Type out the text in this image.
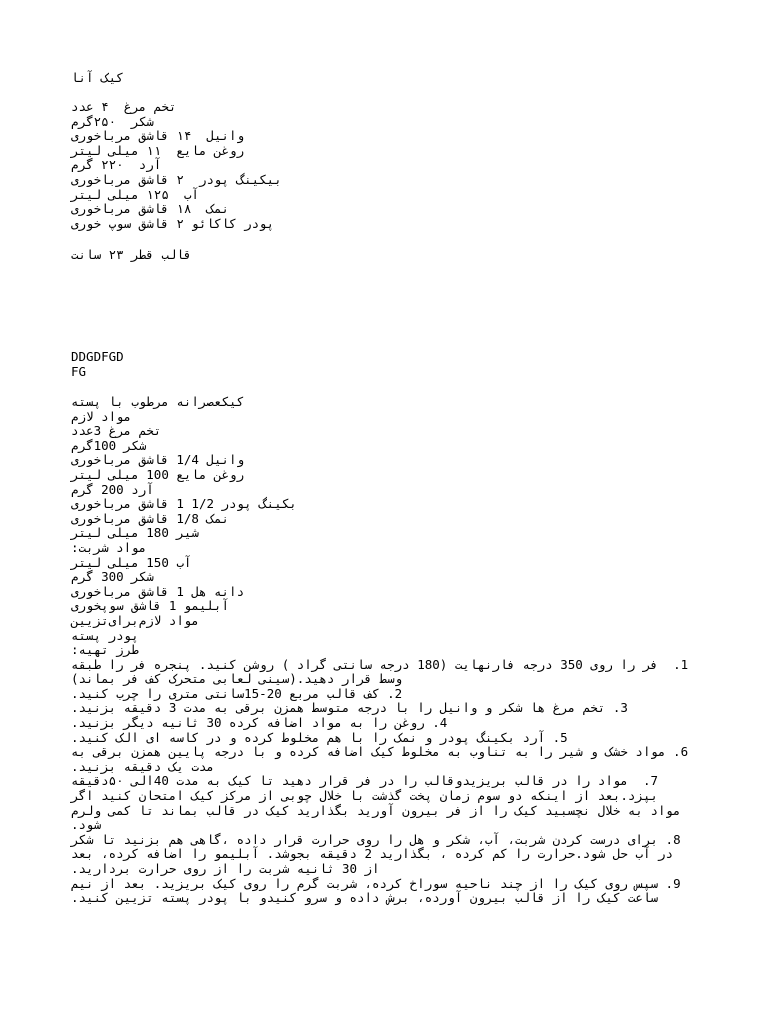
کیک آنا
تخم مرغ  ۴ عدد
شکر  ۲۵۰گرم
وانیل  ۱۴ قاشق مرباخوری
روغن مایع  ۱۱ میلی لیتر
آرد  ۲۲۰ گرم
بیکینگ پودر  ۲ قاشق مرباخوری
آب  ۱۲۵ میلی لیتر
نمک  ۱۸ قاشق مرباخوری
پودر کاکائو ۲ قاشق سوپ خوری
قالب قطر ۲۳ سانت
DDGDFGD
FG
کیکعصرانه مرطوب با پسته
مواد لازم
تخم مرغ 3عدد
شکر 100گرم
وانیل 1/4 قاشق مرباخوری
روغن مایع 100 میلی لیتر
آرد 200 گرم
بکینگ پودر 1/2 1 قاشق مرباخوری
نمک 1/8 قاشق مرباخوری
شیر 180 میلی لیتر
مواد شربت:
آب 150 میلی لیتر
شکر 300 گرم
دانه هل 1 قاشق مرباخوری
آبلیمو 1 قاشق سوپخوری
مواد لازم‌برای‌تزیین
پودر پسته
طرز تهیه:
1.  فر را روی 350 درجه فارنهایت (180 درجه سانتی گراد ) روشن کنید. پنجره فر را طبقه
وسط قرار دهید.(سینی لعابی متحرک کف فر بماند)
2. کف قالب مربع 20-15سانتی متری را چرب کنید.
3. تخم مرغ ها شکر و وانیل را با درجه متوسط همزن برقی به مدت 3 دقیقه بزنید.
4. روغن را به مواد اضافه کرده 30 ثانیه دیگر بزنید.
5. آرد بکینگ پودر و نمک را با هم مخلوط کرده و در کاسه ای الک کنید.
6. مواد خشک و شیر را به تناوب به مخلوط کیک اضافه کرده و با درجه پایین همزن برقی به
مدت یک دقیقه بزنید.
7.  مواد را در قالب بریزیدوقالب را در فر قرار دهید تا کیک به مدت 40الی ۵۰دقیقه
بپزد.بعد از اینکه دو سوم زمان پخت گذشت با خلال چوبی از مرکز کیک امتحان کنید اگر
مواد به خلال نچسبید کیک را از فر بیرون آورید بگذارید کیک در قالب بماند تا کمی ولرم
شود.
8. برای درست کردن شربت، آب، شکر و هل را روی حرارت قرار داده ،گاهی هم بزنید تا شکر
در آب حل شود.حرارت را کم کرده ، بگذارید 2 دقیقه بجوشد. آبلیمو را اضافه کرده، بعد
از 30 ثانیه شربت را از روی حرارت بردارید.
9. سپس روی کیک را از چند ناحیه سوراخ کرده، شربت گرم را روی کیک بریزید. بعد از نیم
ساعت کیک را از قالب بیرون آورده، برش داده و سرو کنیدو با پودر پسته تزیین کنید.
